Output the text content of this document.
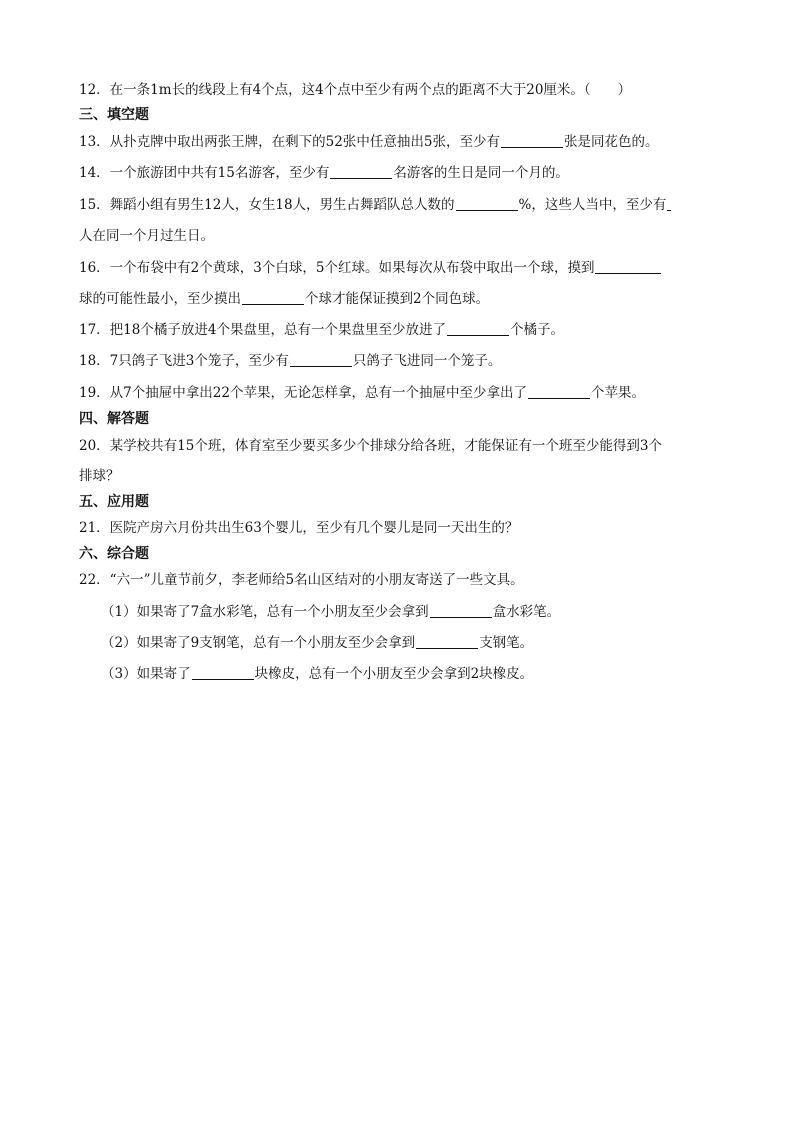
12．在一条1m长的线段上有4个点，这4个点中至少有两个点的距离不大于20厘米。（　　）
三、填空题
13．从扑克牌中取出两张王牌，在剩下的52张中任意抽出5张，至少有	张是同花色的。
14．一个旅游团中共有15名游客，至少有	名游客的生日是同一个月的。
15．舞蹈小组有男生12人，女生18人，男生占舞蹈队总人数的	%，这些人当中，至少有
人在同一个月过生日。
16．一个布袋中有2个黄球，3个白球，5个红球。如果每次从布袋中取出一个球，摸到
球的可能性最小，至少摸出	个球才能保证摸到2个同色球。
17．把18个橘子放进4个果盘里，总有一个果盘里至少放进了	个橘子。
18．7只鸽子飞进3个笼子，至少有	只鸽子飞进同一个笼子。
19．从7个抽屉中拿出22个苹果，无论怎样拿，总有一个抽屉中至少拿出了	个苹果。
四、解答题
20．某学校共有15个班，体育室至少要买多少个排球分给各班，才能保证有一个班至少能得到3个
排球？
五、应用题
21．医院产房六月份共出生63个婴儿，至少有几个婴儿是同一天出生的？
六、综合题
22．“六一”儿童节前夕，李老师给5名山区结对的小朋友寄送了一些文具。
（1）如果寄了7盒水彩笔，总有一个小朋友至少会拿到	盒水彩笔。
（2）如果寄了9支钢笔，总有一个小朋友至少会拿到	支钢笔。
（3）如果寄了	块橡皮，总有一个小朋友至少会拿到2块橡皮。
